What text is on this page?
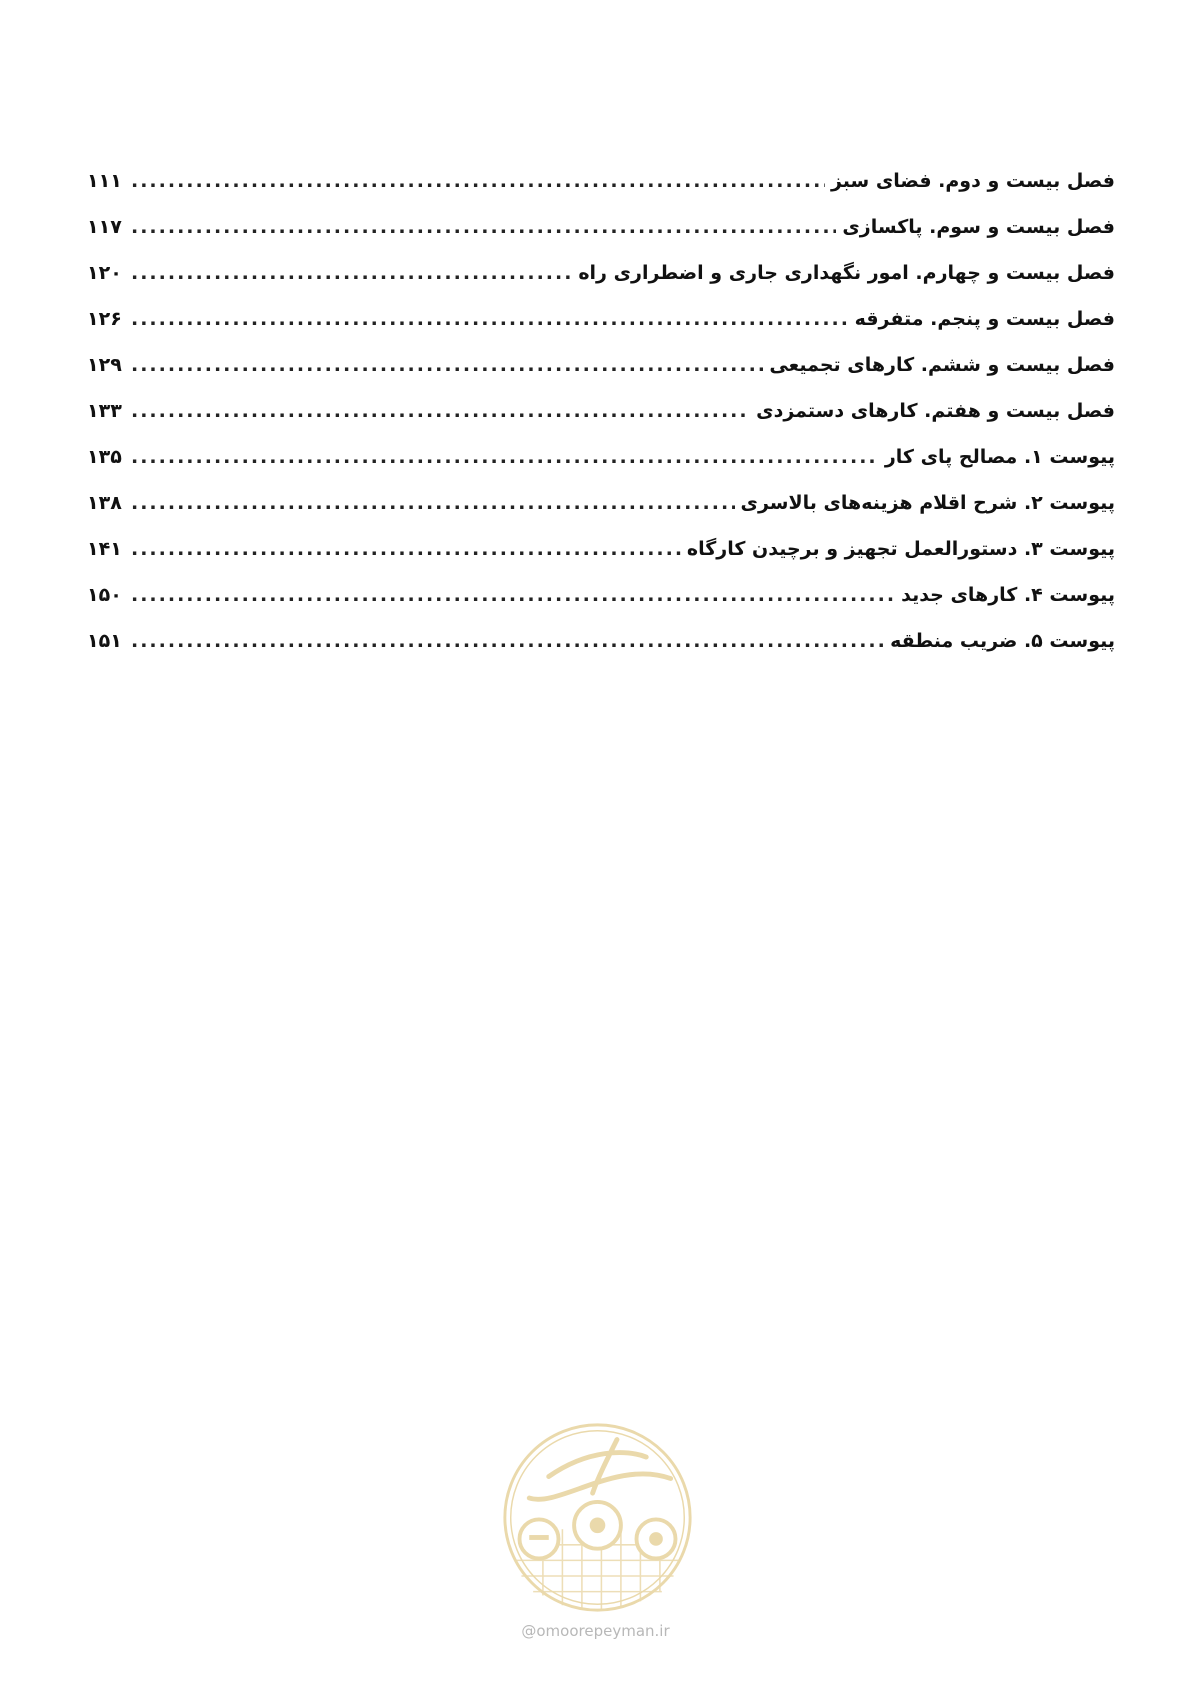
فصل بیست و دوم. فضای سبز
.....
۱۱۱
فصل بیست و سوم. پاکسازی
.....
۱۱۷
فصل بیست و چهارم. امور نگهداری جاری و اضطراری راه
.....
۱۲۰
فصل بیست و پنجم. متفرقه
.....
۱۲۶
فصل بیست و ششم. کارهای تجمیعی
.....
۱۲۹
فصل بیست و هفتم. کارهای دستمزدی
.....
۱۳۳
پیوست ۱. مصالح پای کار
.....
۱۳۵
پیوست ۲. شرح اقلام هزینه‌های بالاسری
.....
۱۳۸
پیوست ۳. دستورالعمل تجهیز و برچیدن کارگاه
.....
۱۴۱
پیوست ۴. کارهای جدید
.....
۱۵۰
پیوست ۵. ضریب منطقه
.....
۱۵۱
@omoorepeyman.ir
